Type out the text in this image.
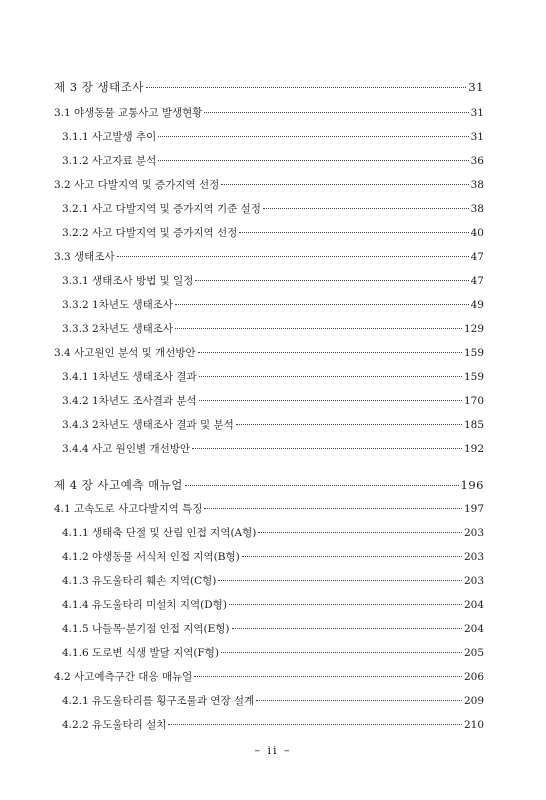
제 3 장 생태조사	31
3.1 야생동물 교통사고 발생현황	31
3.1.1 사고발생 추이	31
3.1.2 사고자료 분석	36
3.2 사고 다발지역 및 증가지역 선정	38
3.2.1 사고 다발지역 및 증가지역 기준 설정	38
3.2.2 사고 다발지역 및 증가지역 선정	40
3.3 생태조사	47
3.3.1 생태조사 방법 및 일정	47
3.3.2 1차년도 생태조사	49
3.3.3 2차년도 생태조사	129
3.4 사고원인 분석 및 개선방안	159
3.4.1 1차년도 생태조사 결과	159
3.4.2 1차년도 조사결과 분석	170
3.4.3 2차년도 생태조사 결과 및 분석	185
3.4.4 사고 원인별 개선방안	192
제 4 장 사고예측 매뉴얼	196
4.1 고속도로 사고다발지역 특징	197
4.1.1 생태축 단절 및 산림 인접 지역(A형)	203
4.1.2 야생동물 서식처 인접 지역(B형)	203
4.1.3 유도울타리 훼손 지역(C형)	203
4.1.4 유도울타리 미설치 지역(D형)	204
4.1.5 나들목·분기점 인접 지역(E형)	204
4.1.6 도로변 식생 발달 지역(F형)	205
4.2 사고예측구간 대응 매뉴얼	206
4.2.1 유도울타리를 횡구조물과 연장 설계	209
4.2.2 유도울타리 설치	210
– ii –
